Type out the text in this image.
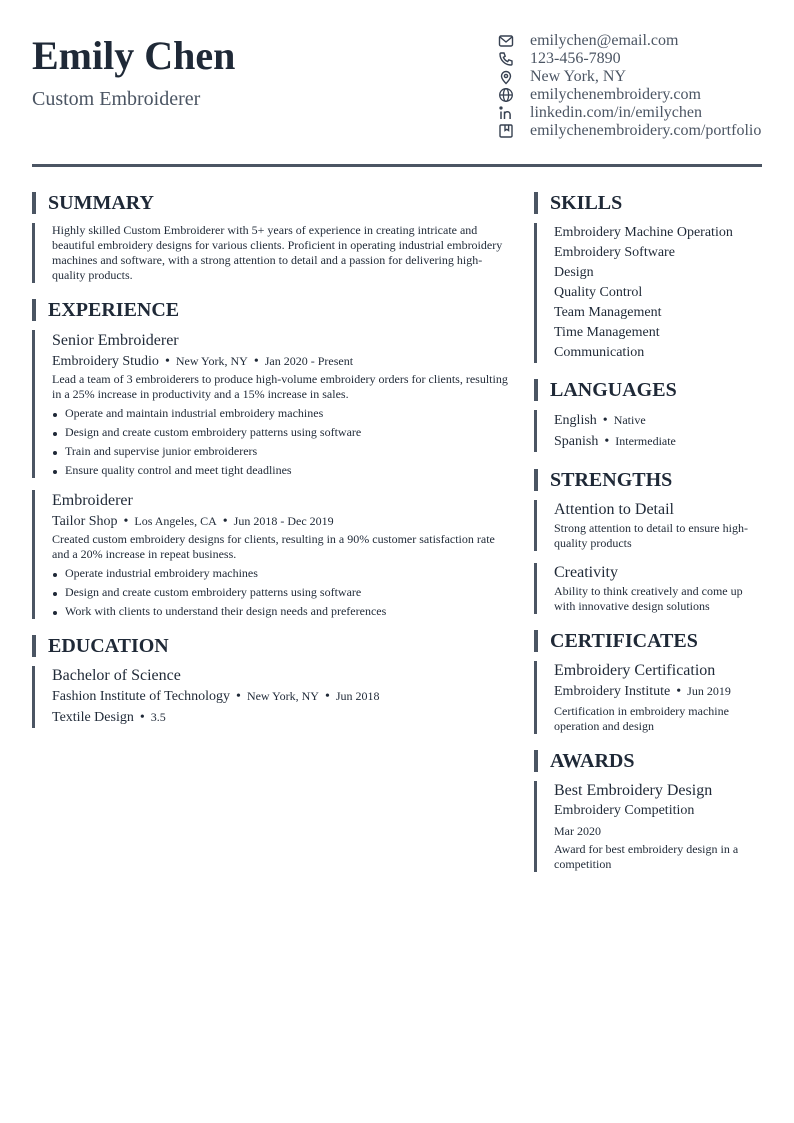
Emily Chen
Custom Embroiderer
emilychen@email.com
123-456-7890
New York, NY
emilychenembroidery.com
linkedin.com/in/emilychen
emilychenembroidery.com/portfolio
SUMMARY
Highly skilled Custom Embroiderer with 5+ years of experience in creating intricate and beautiful embroidery designs for various clients. Proficient in operating industrial embroidery machines and software, with a strong attention to detail and a passion for delivering high-quality products.
EXPERIENCE
Senior Embroiderer
Embroidery Studio • New York, NY • Jan 2020 - Present
Lead a team of 3 embroiderers to produce high-volume embroidery orders for clients, resulting in a 25% increase in productivity and a 15% increase in sales.
Operate and maintain industrial embroidery machines
Design and create custom embroidery patterns using software
Train and supervise junior embroiderers
Ensure quality control and meet tight deadlines
Embroiderer
Tailor Shop • Los Angeles, CA • Jun 2018 - Dec 2019
Created custom embroidery designs for clients, resulting in a 90% customer satisfaction rate and a 20% increase in repeat business.
Operate industrial embroidery machines
Design and create custom embroidery patterns using software
Work with clients to understand their design needs and preferences
EDUCATION
Bachelor of Science
Fashion Institute of Technology • New York, NY • Jun 2018
Textile Design • 3.5
SKILLS
Embroidery Machine Operation
Embroidery Software
Design
Quality Control
Team Management
Time Management
Communication
LANGUAGES
English • Native
Spanish • Intermediate
STRENGTHS
Attention to Detail
Strong attention to detail to ensure high-quality products
Creativity
Ability to think creatively and come up with innovative design solutions
CERTIFICATES
Embroidery Certification
Embroidery Institute • Jun 2019
Certification in embroidery machine operation and design
AWARDS
Best Embroidery Design
Embroidery Competition
Mar 2020
Award for best embroidery design in a competition
